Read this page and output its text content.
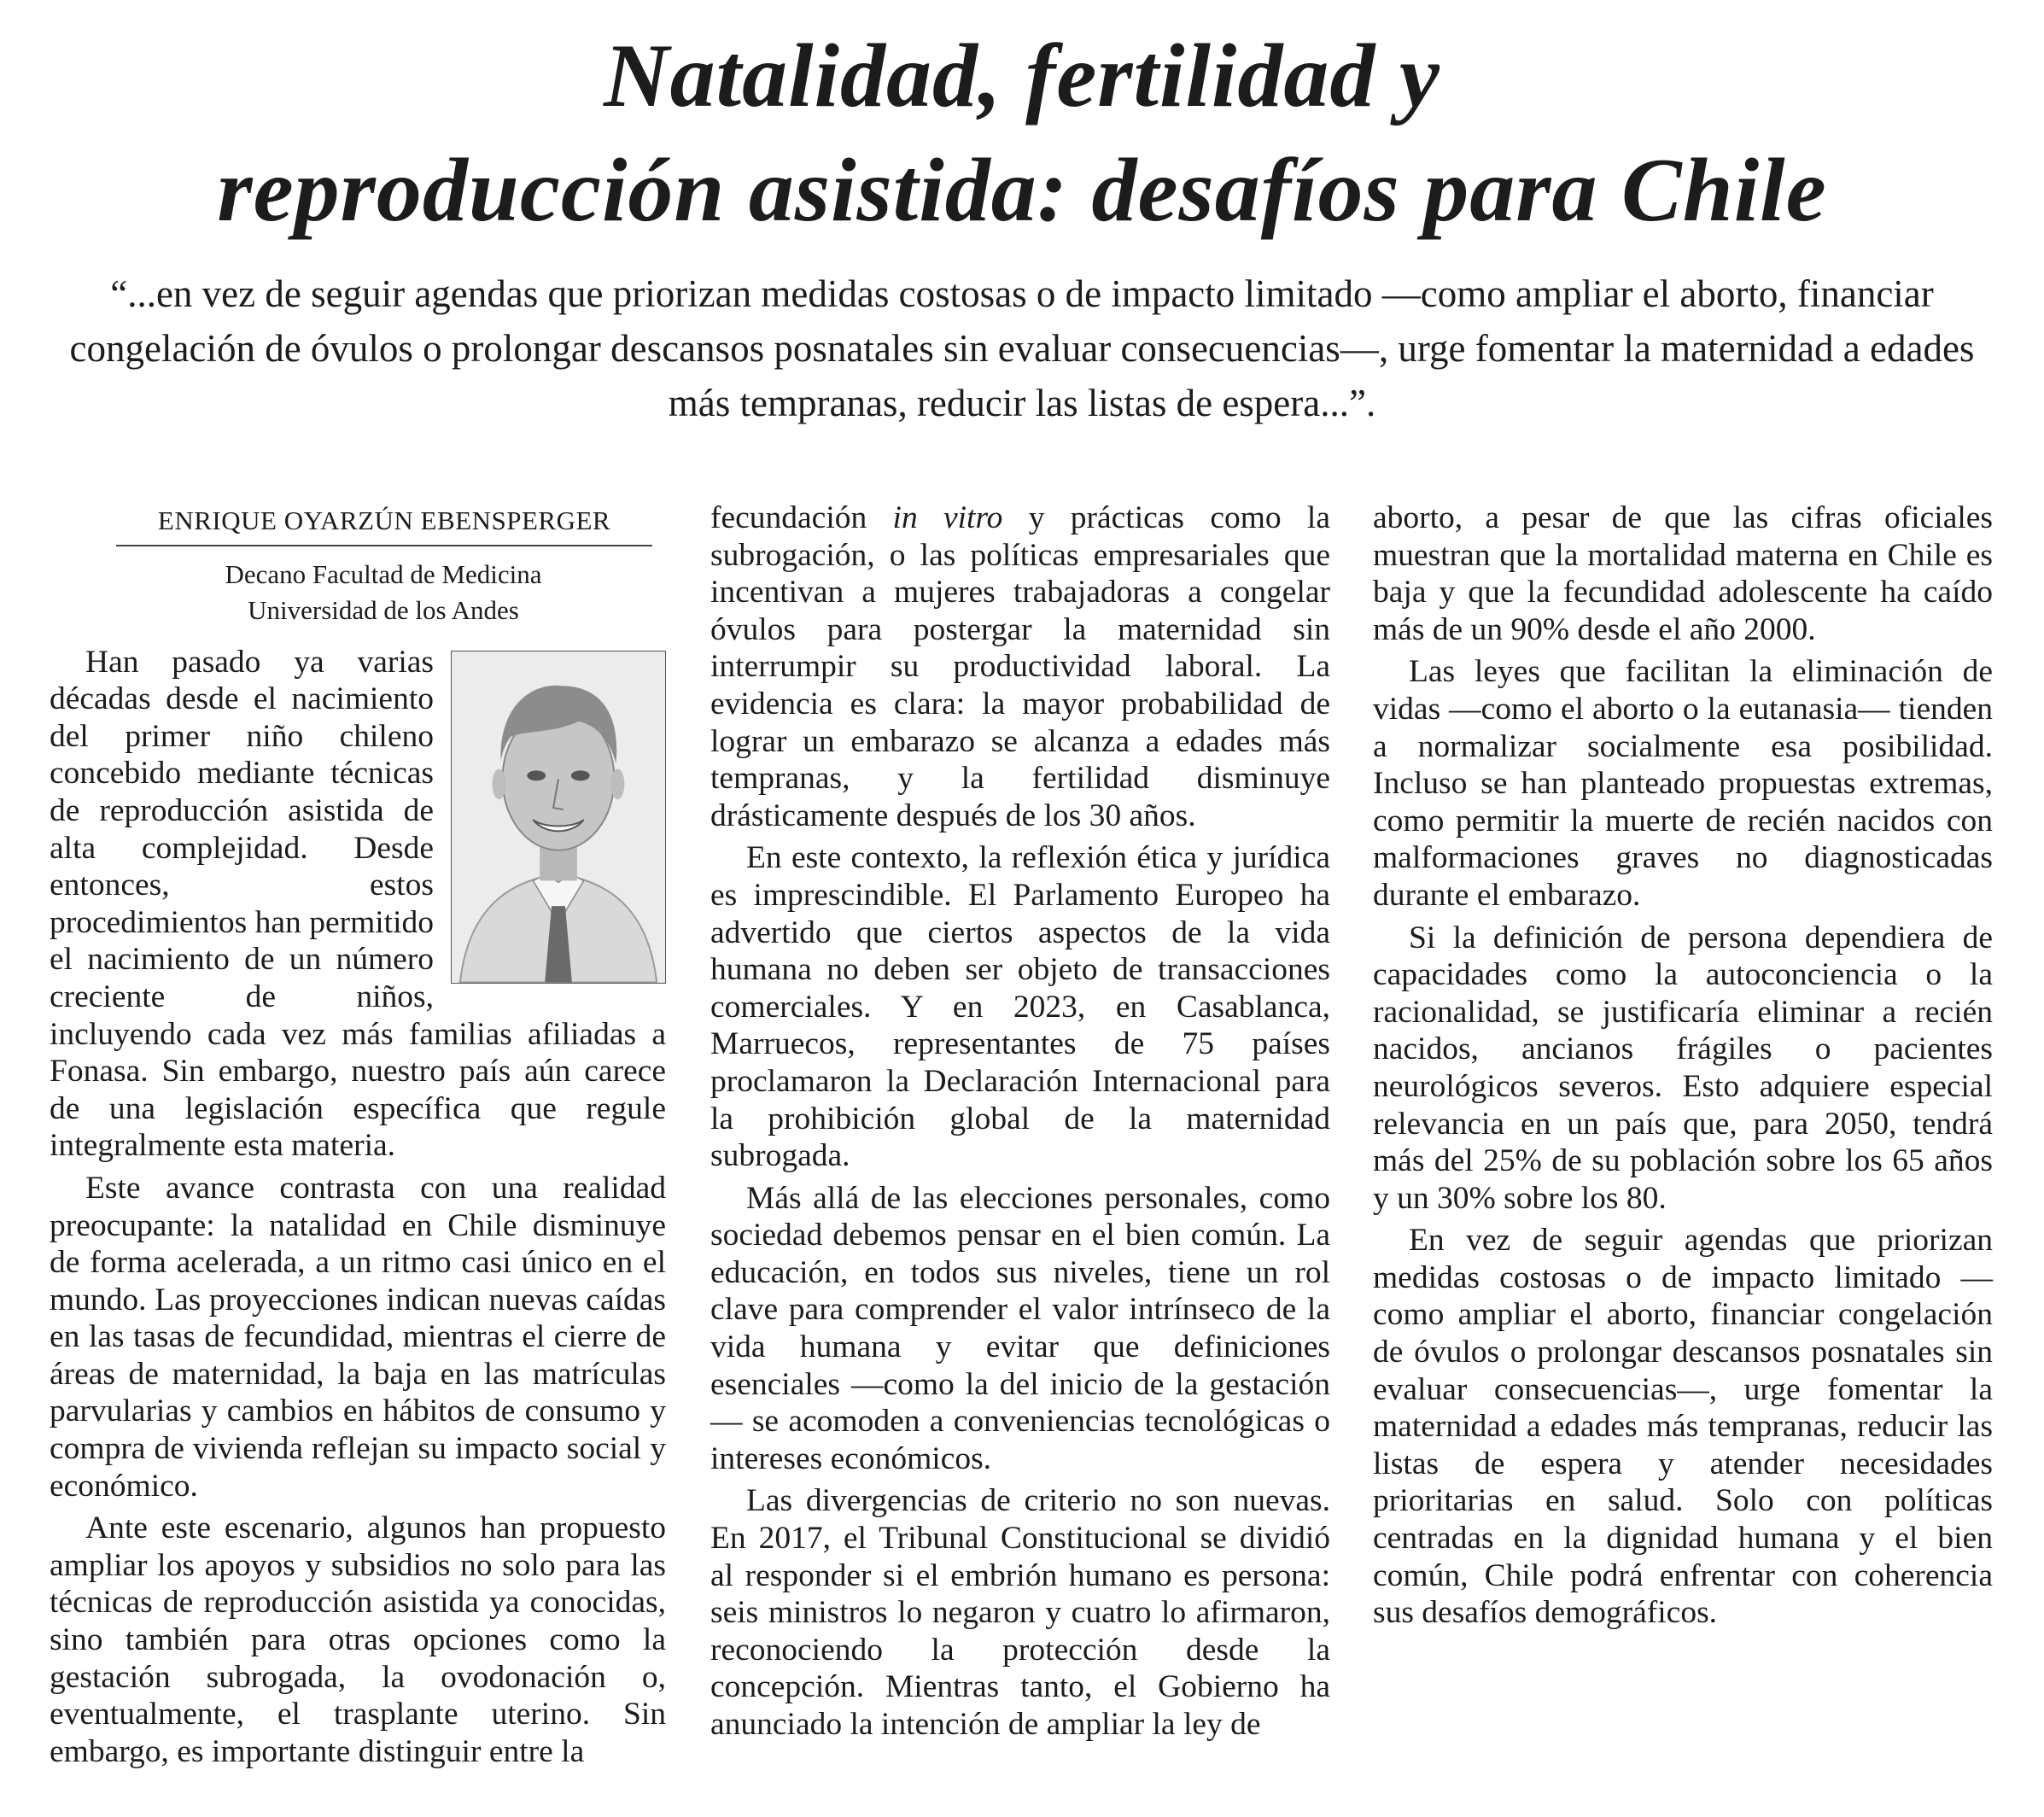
Natalidad, fertilidad y
reproducción asistida: desafíos para Chile
“...en vez de seguir agendas que priorizan medidas costosas o de impacto limitado —como ampliar el aborto, financiar congelación de óvulos o prolongar descansos posnatales sin evaluar consecuencias—, urge fomentar la maternidad a edades más tempranas, reducir las listas de espera...”.
ENRIQUE OYARZÚN EBENSPERGER
Decano Facultad de Medicina
Universidad de los Andes

Han pasado ya varias décadas desde el nacimiento del primer niño chileno concebido mediante técnicas de reproducción asistida de alta complejidad. Desde entonces, estos procedimientos han permitido el nacimiento de un número creciente de niños, incluyendo cada vez más familias afiliadas a Fonasa. Sin embargo, nuestro país aún carece de una legislación específica que regule integralmente esta materia.

Este avance contrasta con una realidad preocupante: la natalidad en Chile disminuye de forma acelerada, a un ritmo casi único en el mundo. Las proyecciones indican nuevas caídas en las tasas de fecundidad, mientras el cierre de áreas de maternidad, la baja en las matrículas parvularias y cambios en hábitos de consumo y compra de vivienda reflejan su impacto social y económico.

Ante este escenario, algunos han propuesto ampliar los apoyos y subsidios no solo para las técnicas de reproducción asistida ya conocidas, sino también para otras opciones como la gestación subrogada, la ovodonación o, eventualmente, el trasplante uterino. Sin embargo, es importante distinguir entre la

fecundación in vitro y prácticas como la subrogación, o las políticas empresariales que incentivan a mujeres trabajadoras a congelar óvulos para postergar la maternidad sin interrumpir su productividad laboral. La evidencia es clara: la mayor probabilidad de lograr un embarazo se alcanza a edades más tempranas, y la fertilidad disminuye drásticamente después de los 30 años.

En este contexto, la reflexión ética y jurídica es imprescindible. El Parlamento Europeo ha advertido que ciertos aspectos de la vida humana no deben ser objeto de transacciones comerciales. Y en 2023, en Casablanca, Marruecos, representantes de 75 países proclamaron la Declaración Internacional para la prohibición global de la maternidad subrogada.

Más allá de las elecciones personales, como sociedad debemos pensar en el bien común. La educación, en todos sus niveles, tiene un rol clave para comprender el valor intrínseco de la vida humana y evitar que definiciones esenciales —como la del inicio de la gestación— se acomoden a conveniencias tecnológicas o intereses económicos.

Las divergencias de criterio no son nuevas. En 2017, el Tribunal Constitucional se dividió al responder si el embrión humano es persona: seis ministros lo negaron y cuatro lo afirmaron, reconociendo la protección desde la concepción. Mientras tanto, el Gobierno ha anunciado la intención de ampliar la ley de

aborto, a pesar de que las cifras oficiales muestran que la mortalidad materna en Chile es baja y que la fecundidad adolescente ha caído más de un 90% desde el año 2000.

Las leyes que facilitan la eliminación de vidas —como el aborto o la eutanasia— tienden a normalizar socialmente esa posibilidad. Incluso se han planteado propuestas extremas, como permitir la muerte de recién nacidos con malformaciones graves no diagnosticadas durante el embarazo.

Si la definición de persona dependiera de capacidades como la autoconciencia o la racionalidad, se justificaría eliminar a recién nacidos, ancianos frágiles o pacientes neurológicos severos. Esto adquiere especial relevancia en un país que, para 2050, tendrá más del 25% de su población sobre los 65 años y un 30% sobre los 80.

En vez de seguir agendas que priorizan medidas costosas o de impacto limitado —como ampliar el aborto, financiar congelación de óvulos o prolongar descansos posnatales sin evaluar consecuencias—, urge fomentar la maternidad a edades más tempranas, reducir las listas de espera y atender necesidades prioritarias en salud. Solo con políticas centradas en la dignidad humana y el bien común, Chile podrá enfrentar con coherencia sus desafíos demográficos.
